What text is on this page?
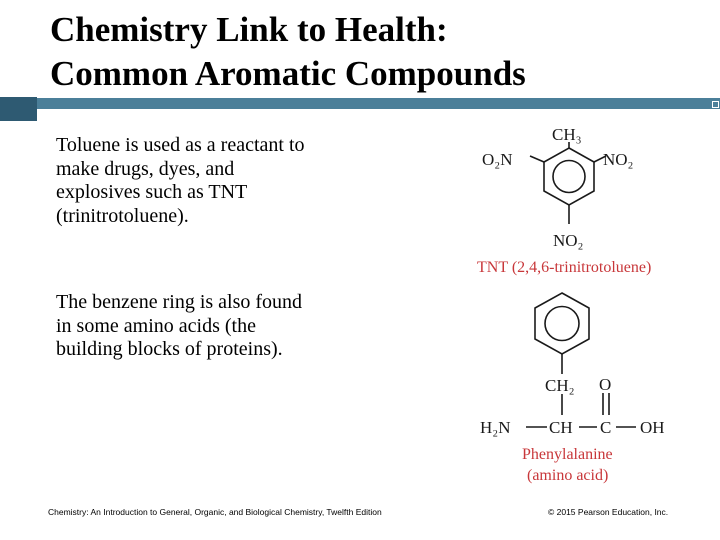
Chemistry Link to Health:
Common Aromatic Compounds
Toluene is used as a reactant to
make drugs, dyes, and
explosives such as TNT
(trinitrotoluene).
The benzene ring is also found
in some amino acids (the
building blocks of proteins).
CH₃
O₂N	NO₂
NO₂
TNT (2,4,6-trinitrotoluene)
CH₂ O
H₂N CH C OH
Phenylalanine
(amino acid)
Chemistry: An Introduction to General, Organic, and Biological Chemistry, Twelfth Edition	© 2015 Pearson Education, Inc.
